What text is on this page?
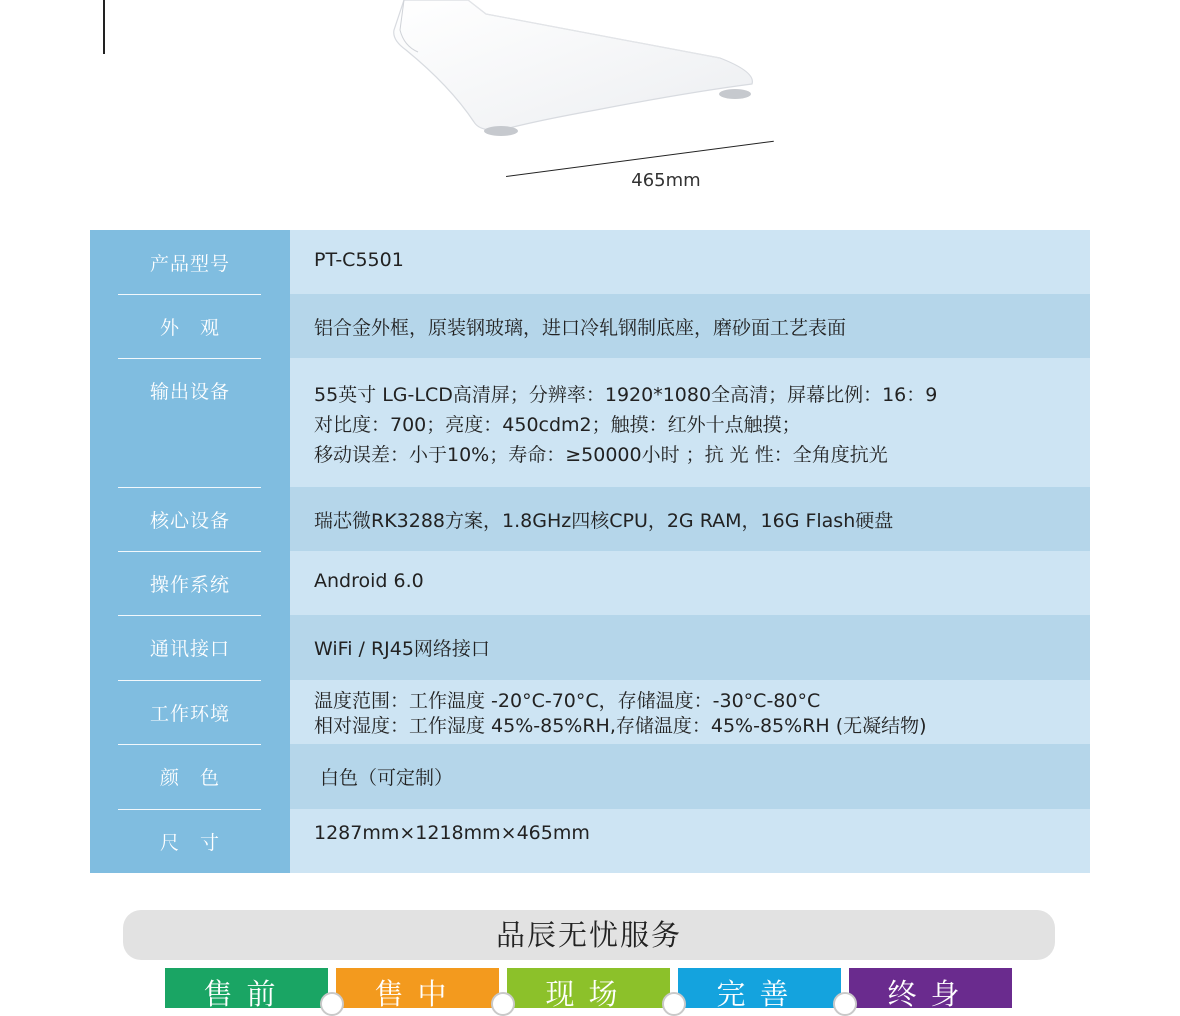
465mm
产品型号	PT-C5501
外　观	铝合金外框，原装钢玻璃，进口冷轧钢制底座，磨砂面工艺表面
输出设备	55英寸 LG-LCD高清屏；分辨率：1920*1080全高清；屏幕比例：16：9
对比度：700；亮度：450cdm2；触摸：红外十点触摸；
移动误差：小于10%；寿命：≥50000小时 ；抗 光 性：全角度抗光
核心设备	瑞芯微RK3288方案，1.8GHz四核CPU，2G RAM，16G Flash硬盘
操作系统	Android 6.0
通讯接口	WiFi / RJ45网络接口
工作环境
温度范围：工作温度 -20°C-70°C，存储温度：-30°C-80°C
相对湿度：工作湿度 45%-85%RH,存储温度：45%-85%RH (无凝结物)
颜　色	白色（可定制）
尺　寸	1287mm×1218mm×465mm
品辰无忧服务
售前	售中	现场	完善	终身
